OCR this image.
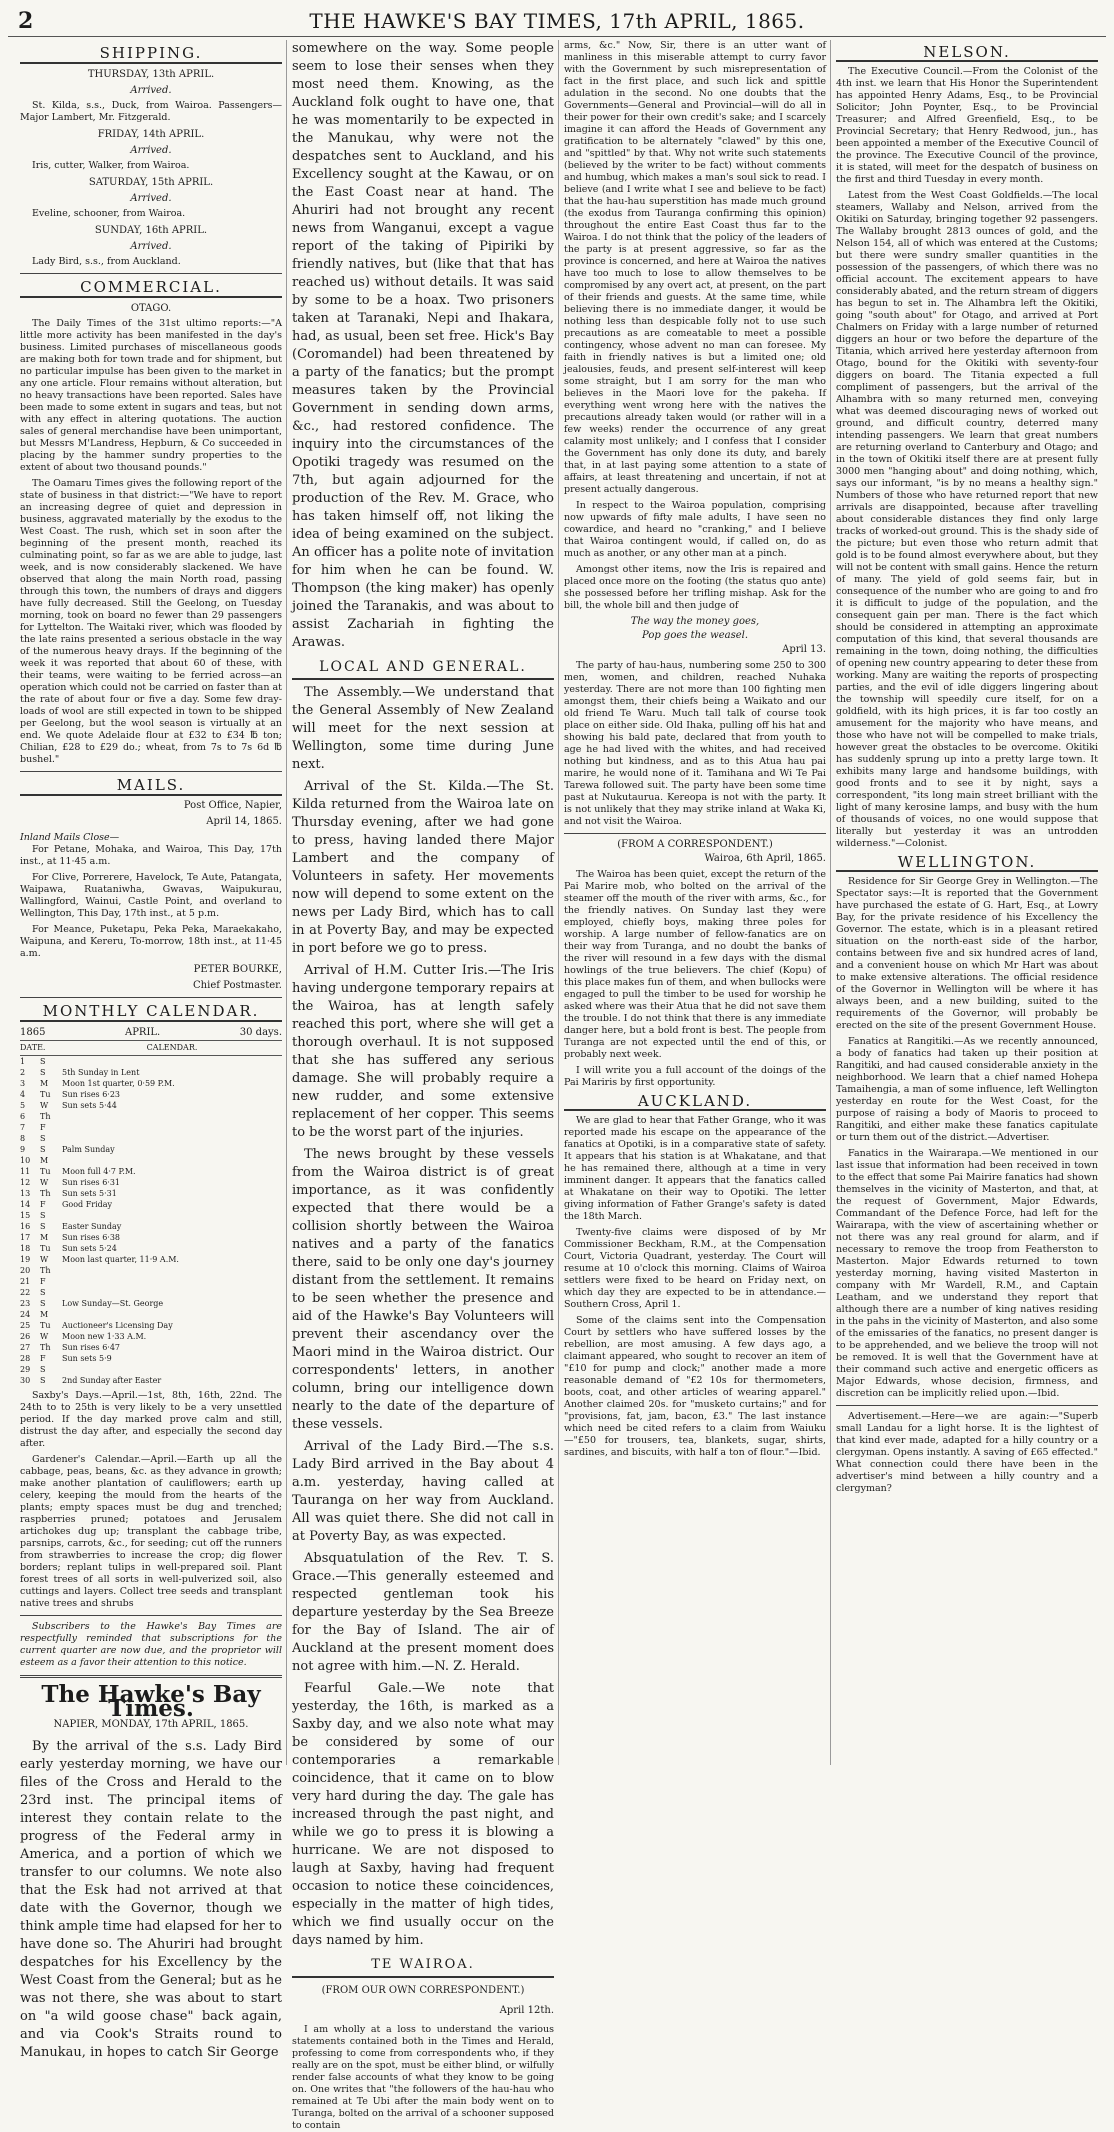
2	THE HAWKE'S BAY TIMES, 17th APRIL, 1865.
SHIPPING.
THURSDAY, 13th APRIL.
Arrived.

St. Kilda, s.s., Duck, from Wairoa. Passengers—Major Lambert, Mr. Fitzgerald.

FRIDAY, 14th APRIL.
Arrived.

Iris, cutter, Walker, from Wairoa.

SATURDAY, 15th APRIL.
Arrived.

Eveline, schooner, from Wairoa.

SUNDAY, 16th APRIL.
Arrived.

Lady Bird, s.s., from Auckland.

COMMERCIAL.
OTAGO.

The Daily Times of the 31st ultimo reports:—"A little more activity has been manifested in the day's business. Limited purchases of miscellaneous goods are making both for town trade and for shipment, but no particular impulse has been given to the market in any one article. Flour remains without alteration, but no heavy transactions have been reported. Sales have been made to some extent in sugars and teas, but not with any effect in altering quotations. The auction sales of general merchandise have been unimportant, but Messrs M'Landress, Hepburn, & Co succeeded in placing by the hammer sundry properties to the extent of about two thousand pounds."

The Oamaru Times gives the following report of the state of business in that district:—"We have to report an increasing degree of quiet and depression in business, aggravated materially by the exodus to the West Coast. The rush, which set in soon after the beginning of the present month, reached its culminating point, so far as we are able to judge, last week, and is now considerably slackened. We have observed that along the main North road, passing through this town, the numbers of drays and diggers have fully decreased. Still the Geelong, on Tuesday morning, took on board no fewer than 29 passengers for Lyttelton. The Waitaki river, which was flooded by the late rains presented a serious obstacle in the way of the numerous heavy drays. If the beginning of the week it was reported that about 60 of these, with their teams, were waiting to be ferried across—an operation which could not be carried on faster than at the rate of about four or five a day. Some few dray-loads of wool are still expected in town to be shipped per Geelong, but the wool season is virtually at an end. We quote Adelaide flour at £32 to £34 ℔ ton; Chilian, £28 to £29 do.; wheat, from 7s to 7s 6d ℔ bushel."

MAILS.
Post Office, Napier,
April 14, 1865.
Inland Mails Close—

For Petane, Mohaka, and Wairoa, This Day, 17th inst., at 11·45 a.m.

For Clive, Porrerere, Havelock, Te Aute, Patangata, Waipawa, Ruataniwha, Gwavas, Waipukurau, Wallingford, Wainui, Castle Point, and overland to Wellington, This Day, 17th inst., at 5 p.m.

For Meance, Puketapu, Peka Peka, Maraekakaho, Waipuna, and Kereru, To-morrow, 18th inst., at 11·45 a.m.

PETER BOURKE,
Chief Postmaster.
MONTHLY CALENDAR.
1865	APRIL.	30 days.
DATE.	CALENDAR.
1	S
2	S	5th Sunday in Lent
3	M	Moon 1st quarter, 0·59 P.M.
4	Tu	Sun rises 6·23
5	W	Sun sets 5·44
6	Th
7	F
8	S
9	S	Palm Sunday
10	M
11	Tu	Moon full 4·7 P.M.
12	W	Sun rises 6·31
13	Th	Sun sets 5·31
14	F	Good Friday
15	S
16	S	Easter Sunday
17	M	Sun rises 6·38
18	Tu	Sun sets 5·24
19	W	Moon last quarter, 11·9 A.M.
20	Th
21	F
22	S
23	S	Low Sunday—St. George
24	M
25	Tu	Auctioneer's Licensing Day
26	W	Moon new 1·33 A.M.
27	Th	Sun rises 6·47
28	F	Sun sets 5·9
29	S
30	S	2nd Sunday after Easter

Saxby's Days.—April.—1st, 8th, 16th, 22nd. The 24th to to 25th is very likely to be a very unsettled period. If the day marked prove calm and still, distrust the day after, and especially the second day after.

Gardener's Calendar.—April.—Earth up all the cabbage, peas, beans, &c. as they advance in growth; make another plantation of cauliflowers; earth up celery, keeping the mould from the hearts of the plants; empty spaces must be dug and trenched; raspberries pruned; potatoes and Jerusalem artichokes dug up; transplant the cabbage tribe, parsnips, carrots, &c., for seeding; cut off the runners from strawberries to increase the crop; dig flower borders; replant tulips in well-prepared soil. Plant forest trees of all sorts in well-pulverized soil, also cuttings and layers. Collect tree seeds and transplant native trees and shrubs

Subscribers to the Hawke's Bay Times are respectfully reminded that subscriptions for the current quarter are now due, and the proprietor will esteem as a favor their attention to this notice.

The Hawke's Bay Times.
NAPIER, MONDAY, 17th APRIL, 1865.

By the arrival of the s.s. Lady Bird early yesterday morning, we have our files of the Cross and Herald to the 23rd inst. The principal items of interest they contain relate to the progress of the Federal army in America, and a portion of which we transfer to our columns. We note also that the Esk had not arrived at that date with the Governor, though we think ample time had elapsed for her to have done so. The Ahuriri had brought despatches for his Excellency by the West Coast from the General; but as he was not there, she was about to start on "a wild goose chase" back again, and via Cook's Straits round to Manukau, in hopes to catch Sir George

somewhere on the way. Some people seem to lose their senses when they most need them. Knowing, as the Auckland folk ought to have one, that he was momentarily to be expected in the Manukau, why were not the despatches sent to Auckland, and his Excellency sought at the Kawau, or on the East Coast near at hand. The Ahuriri had not brought any recent news from Wanganui, except a vague report of the taking of Pipiriki by friendly natives, but (like that that has reached us) without details. It was said by some to be a hoax. Two prisoners taken at Taranaki, Nepi and Ihakara, had, as usual, been set free. Hick's Bay (Coromandel) had been threatened by a party of the fanatics; but the prompt measures taken by the Provincial Government in sending down arms, &c., had restored confidence. The inquiry into the circumstances of the Opotiki tragedy was resumed on the 7th, but again adjourned for the production of the Rev. M. Grace, who has taken himself off, not liking the idea of being examined on the subject. An officer has a polite note of invitation for him when he can be found. W. Thompson (the king maker) has openly joined the Taranakis, and was about to assist Zachariah in fighting the Arawas.

LOCAL AND GENERAL.

The Assembly.—We understand that the General Assembly of New Zealand will meet for the next session at Wellington, some time during June next.

Arrival of the St. Kilda.—The St. Kilda returned from the Wairoa late on Thursday evening, after we had gone to press, having landed there Major Lambert and the company of Volunteers in safety. Her movements now will depend to some extent on the news per Lady Bird, which has to call in at Poverty Bay, and may be expected in port before we go to press.

Arrival of H.M. Cutter Iris.—The Iris having undergone temporary repairs at the Wairoa, has at length safely reached this port, where she will get a thorough overhaul. It is not supposed that she has suffered any serious damage. She will probably require a new rudder, and some extensive replacement of her copper. This seems to be the worst part of the injuries.

The news brought by these vessels from the Wairoa district is of great importance, as it was confidently expected that there would be a collision shortly between the Wairoa natives and a party of the fanatics there, said to be only one day's journey distant from the settlement. It remains to be seen whether the presence and aid of the Hawke's Bay Volunteers will prevent their ascendancy over the Maori mind in the Wairoa district. Our correspondents' letters, in another column, bring our intelligence down nearly to the date of the departure of these vessels.

Arrival of the Lady Bird.—The s.s. Lady Bird arrived in the Bay about 4 a.m. yesterday, having called at Tauranga on her way from Auckland. All was quiet there. She did not call in at Poverty Bay, as was expected.

Absquatulation of the Rev. T. S. Grace.—This generally esteemed and respected gentleman took his departure yesterday by the Sea Breeze for the Bay of Island. The air of Auckland at the present moment does not agree with him.—N. Z. Herald.

Fearful Gale.—We note that yesterday, the 16th, is marked as a Saxby day, and we also note what may be considered by some of our contemporaries a remarkable coincidence, that it came on to blow very hard during the day. The gale has increased through the past night, and while we go to press it is blowing a hurricane. We are not disposed to laugh at Saxby, having had frequent occasion to notice these coincidences, especially in the matter of high tides, which we find usually occur on the days named by him.

TE WAIROA.
(FROM OUR OWN CORRESPONDENT.)
April 12th.

I am wholly at a loss to understand the various statements contained both in the Times and Herald, professing to come from correspondents who, if they really are on the spot, must be either blind, or wilfully render false accounts of what they know to be going on. One writes that "the followers of the hau-hau who remained at Te Ubi after the main body went on to Turanga, bolted on the arrival of a schooner supposed to contain

arms, &c." Now, Sir, there is an utter want of manliness in this miserable attempt to curry favor with the Government by such misrepresentation of fact in the first place, and such lick and spittle adulation in the second. No one doubts that the Governments—General and Provincial—will do all in their power for their own credit's sake; and I scarcely imagine it can afford the Heads of Government any gratification to be alternately "clawed" by this one, and "spittled" by that. Why not write such statements (believed by the writer to be fact) without comments and humbug, which makes a man's soul sick to read. I believe (and I write what I see and believe to be fact) that the hau-hau superstition has made much ground (the exodus from Tauranga confirming this opinion) throughout the entire East Coast thus far to the Wairoa. I do not think that the policy of the leaders of the party is at present aggressive, so far as the province is concerned, and here at Wairoa the natives have too much to lose to allow themselves to be compromised by any overt act, at present, on the part of their friends and guests. At the same time, while believing there is no immediate danger, it would be nothing less than despicable folly not to use such precautions as are comeatable to meet a possible contingency, whose advent no man can foresee. My faith in friendly natives is but a limited one; old jealousies, feuds, and present self-interest will keep some straight, but I am sorry for the man who believes in the Maori love for the pakeha. If everything went wrong here with the natives the precautions already taken would (or rather will in a few weeks) render the occurrence of any great calamity most unlikely; and I confess that I consider the Government has only done its duty, and barely that, in at last paying some attention to a state of affairs, at least threatening and uncertain, if not at present actually dangerous.

In respect to the Wairoa population, comprising now upwards of fifty male adults, I have seen no cowardice, and heard no "cranking," and I believe that Wairoa contingent would, if called on, do as much as another, or any other man at a pinch.

Amongst other items, now the Iris is repaired and placed once more on the footing (the status quo ante) she possessed before her trifling mishap. Ask for the bill, the whole bill and then judge of

The way the money goes,
Pop goes the weasel.
April 13.

The party of hau-haus, numbering some 250 to 300 men, women, and children, reached Nuhaka yesterday. There are not more than 100 fighting men amongst them, their chiefs being a Waikato and our old friend Te Waru. Much tall talk of course took place on either side. Old Ihaka, pulling off his hat and showing his bald pate, declared that from youth to age he had lived with the whites, and had received nothing but kindness, and as to this Atua hau pai marire, he would none of it. Tamihana and Wi Te Pai Tarewa followed suit. The party have been some time past at Nukutaurua. Kereopa is not with the party. It is not unlikely that they may strike inland at Waka Ki, and not visit the Wairoa.

(FROM A CORRESPONDENT.)
Wairoa, 6th April, 1865.

The Wairoa has been quiet, except the return of the Pai Marire mob, who bolted on the arrival of the steamer off the mouth of the river with arms, &c., for the friendly natives. On Sunday last they were employed, chiefly boys, making three poles for worship. A large number of fellow-fanatics are on their way from Turanga, and no doubt the banks of the river will resound in a few days with the dismal howlings of the true believers. The chief (Kopu) of this place makes fun of them, and when bullocks were engaged to pull the timber to be used for worship he asked where was their Atua that he did not save them the trouble. I do not think that there is any immediate danger here, but a bold front is best. The people from Turanga are not expected until the end of this, or probably next week.

I will write you a full account of the doings of the Pai Mariris by first opportunity.

AUCKLAND.

We are glad to hear that Father Grange, who it was reported made his escape on the appearance of the fanatics at Opotiki, is in a comparative state of safety. It appears that his station is at Whakatane, and that he has remained there, although at a time in very imminent danger. It appears that the fanatics called at Whakatane on their way to Opotiki. The letter giving information of Father Grange's safety is dated the 18th March.

Twenty-five claims were disposed of by Mr Commissioner Beckham, R.M., at the Compensation Court, Victoria Quadrant, yesterday. The Court will resume at 10 o'clock this morning. Claims of Wairoa settlers were fixed to be heard on Friday next, on which day they are expected to be in attendance.—Southern Cross, April 1.

Some of the claims sent into the Compensation Court by settlers who have suffered losses by the rebellion, are most amusing. A few days ago, a claimant appeared, who sought to recover an item of "£10 for pump and clock;" another made a more reasonable demand of "£2 10s for thermometers, boots, coat, and other articles of wearing apparel." Another claimed 20s. for "musketo curtains;" and for "provisions, fat, jam, bacon, £3." The last instance which need be cited refers to a claim from Waiuku—"£50 for trousers, tea, blankets, sugar, shirts, sardines, and biscuits, with half a ton of flour."—Ibid.

NELSON.

The Executive Council.—From the Colonist of the 4th inst. we learn that His Honor the Superintendent has appointed Henry Adams, Esq., to be Provincial Solicitor; John Poynter, Esq., to be Provincial Treasurer; and Alfred Greenfield, Esq., to be Provincial Secretary; that Henry Redwood, jun., has been appointed a member of the Executive Council of the province. The Executive Council of the province, it is stated, will meet for the despatch of business on the first and third Tuesday in every month.

Latest from the West Coast Goldfields.—The local steamers, Wallaby and Nelson, arrived from the Okitiki on Saturday, bringing together 92 passengers. The Wallaby brought 2813 ounces of gold, and the Nelson 154, all of which was entered at the Customs; but there were sundry smaller quantities in the possession of the passengers, of which there was no official account. The excitement appears to have considerably abated, and the return stream of diggers has begun to set in. The Alhambra left the Okitiki, going "south about" for Otago, and arrived at Port Chalmers on Friday with a large number of returned diggers an hour or two before the departure of the Titania, which arrived here yesterday afternoon from Otago, bound for the Okitiki with seventy-four diggers on board. The Titania expected a full compliment of passengers, but the arrival of the Alhambra with so many returned men, conveying what was deemed discouraging news of worked out ground, and difficult country, deterred many intending passengers. We learn that great numbers are returning overland to Canterbury and Otago; and in the town of Okitiki itself there are at present fully 3000 men "hanging about" and doing nothing, which, says our informant, "is by no means a healthy sign." Numbers of those who have returned report that new arrivals are disappointed, because after travelling about considerable distances they find only large tracks of worked-out ground. This is the shady side of the picture; but even those who return admit that gold is to be found almost everywhere about, but they will not be content with small gains. Hence the return of many. The yield of gold seems fair, but in consequence of the number who are going to and fro it is difficult to judge of the population, and the consequent gain per man. There is the fact which should be considered in attempting an approximate computation of this kind, that several thousands are remaining in the town, doing nothing, the difficulties of opening new country appearing to deter these from working. Many are waiting the reports of prospecting parties, and the evil of idle diggers lingering about the township will speedily cure itself, for on a goldfield, with its high prices, it is far too costly an amusement for the majority who have means, and those who have not will be compelled to make trials, however great the obstacles to be overcome. Okitiki has suddenly sprung up into a pretty large town. It exhibits many large and handsome buildings, with good fronts and to see it by night, says a correspondent, "its long main street brilliant with the light of many kerosine lamps, and busy with the hum of thousands of voices, no one would suppose that literally but yesterday it was an untrodden wilderness."—Colonist.

WELLINGTON.

Residence for Sir George Grey in Wellington.—The Spectator says:—It is reported that the Government have purchased the estate of G. Hart, Esq., at Lowry Bay, for the private residence of his Excellency the Governor. The estate, which is in a pleasant retired situation on the north-east side of the harbor, contains between five and six hundred acres of land, and a convenient house on which Mr Hart was about to make extensive alterations. The official residence of the Governor in Wellington will be where it has always been, and a new building, suited to the requirements of the Governor, will probably be erected on the site of the present Government House.

Fanatics at Rangitiki.—As we recently announced, a body of fanatics had taken up their position at Rangitiki, and had caused considerable anxiety in the neighborhood. We learn that a chief named Hohepa Tamaihengia, a man of some influence, left Wellington yesterday en route for the West Coast, for the purpose of raising a body of Maoris to proceed to Rangitiki, and either make these fanatics capitulate or turn them out of the district.—Advertiser.

Fanatics in the Wairarapa.—We mentioned in our last issue that information had been received in town to the effect that some Pai Mairire fanatics had shown themselves in the vicinity of Masterton, and that, at the request of Government, Major Edwards, Commandant of the Defence Force, had left for the Wairarapa, with the view of ascertaining whether or not there was any real ground for alarm, and if necessary to remove the troop from Featherston to Masterton. Major Edwards returned to town yesterday morning, having visited Masterton in company with Mr Wardell, R.M., and Captain Leatham, and we understand they report that although there are a number of king natives residing in the pahs in the vicinity of Masterton, and also some of the emissaries of the fanatics, no present danger is to be apprehended, and we believe the troop will not be removed. It is well that the Government have at their command such active and energetic officers as Major Edwards, whose decision, firmness, and discretion can be implicitly relied upon.—Ibid.

Advertisement.—Here—we are again:—"Superb small Landau for a light horse. It is the lightest of that kind ever made, adapted for a hilly country or a clergyman. Opens instantly. A saving of £65 effected." What connection could there have been in the advertiser's mind between a hilly country and a clergyman?
